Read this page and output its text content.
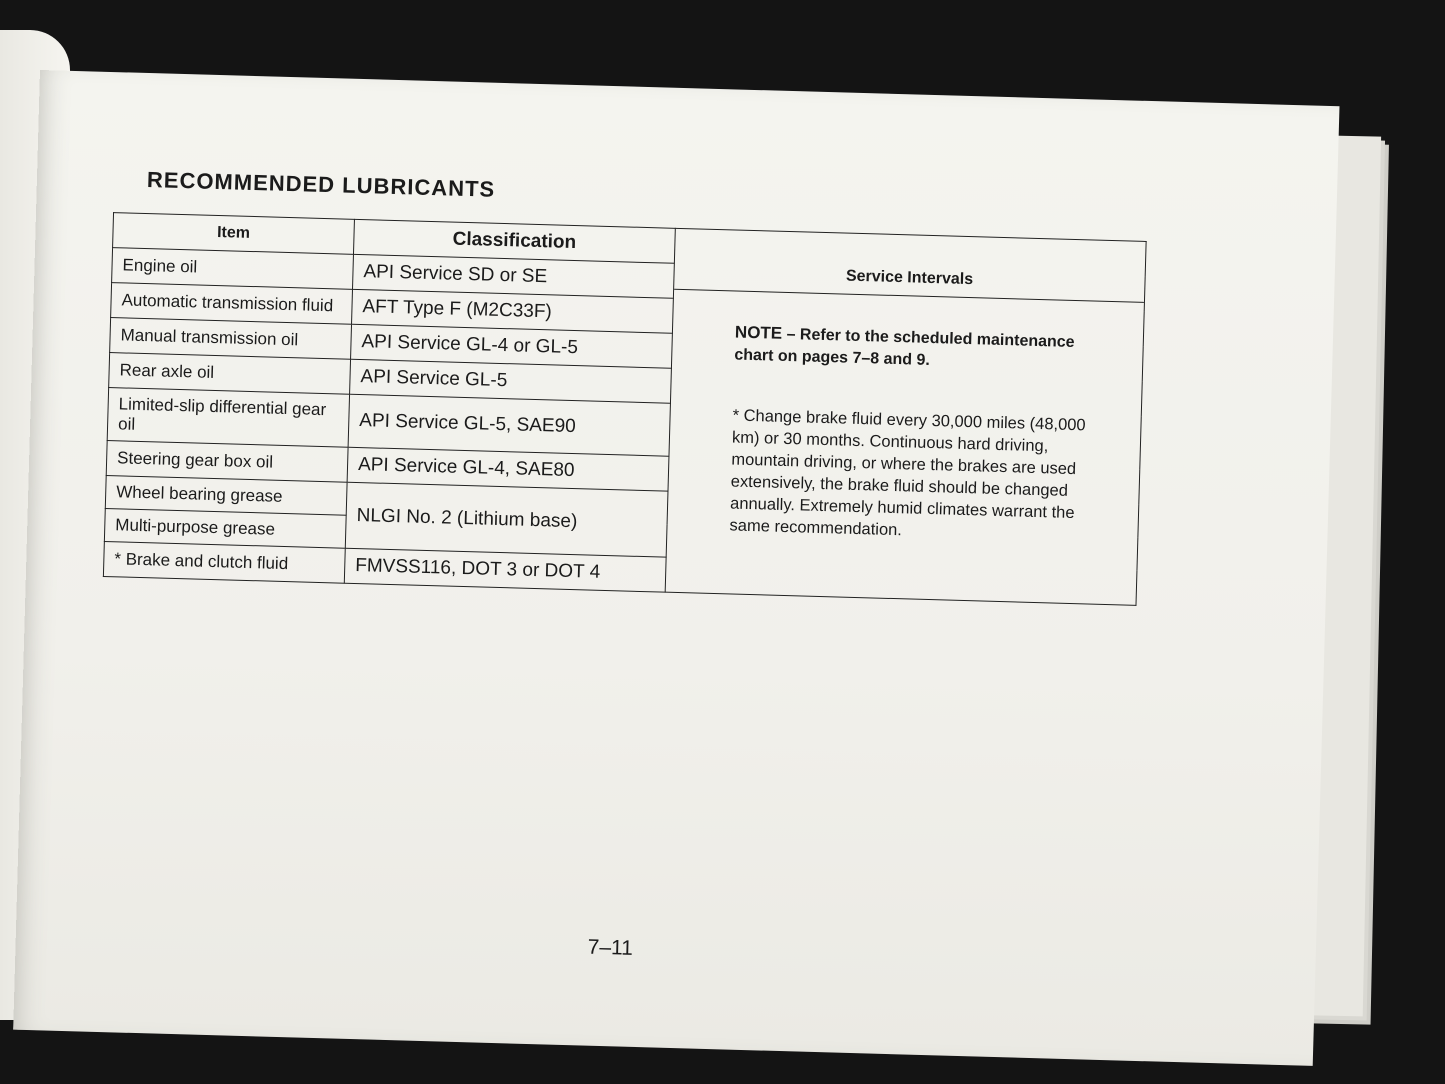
RECOMMENDED LUBRICANTS
Item	Classification	Service Intervals
NOTE – Refer to the scheduled maintenance chart on pages 7–8 and 9.
* Change brake fluid every 30,000 miles (48,000 km) or 30 months. Continuous hard driving, mountain driving, or where the brakes are used extensively, the brake fluid should be changed annually. Extremely humid climates warrant the same recommendation.

Engine oil	API Service SD or SE	
Automatic transmission fluid	AFT Type F (M2C33F)	
Manual transmission oil	API Service GL-4 or GL-5	
Rear axle oil	API Service GL-5	
Limited-slip differential gear oil	API Service GL-5, SAE90	
Steering gear box oil	API Service GL-4, SAE80	
Wheel bearing grease	NLGI No. 2 (Lithium base)	
Multi-purpose grease		
* Brake and clutch fluid	FMVSS116, DOT 3 or DOT 4	
7–11
